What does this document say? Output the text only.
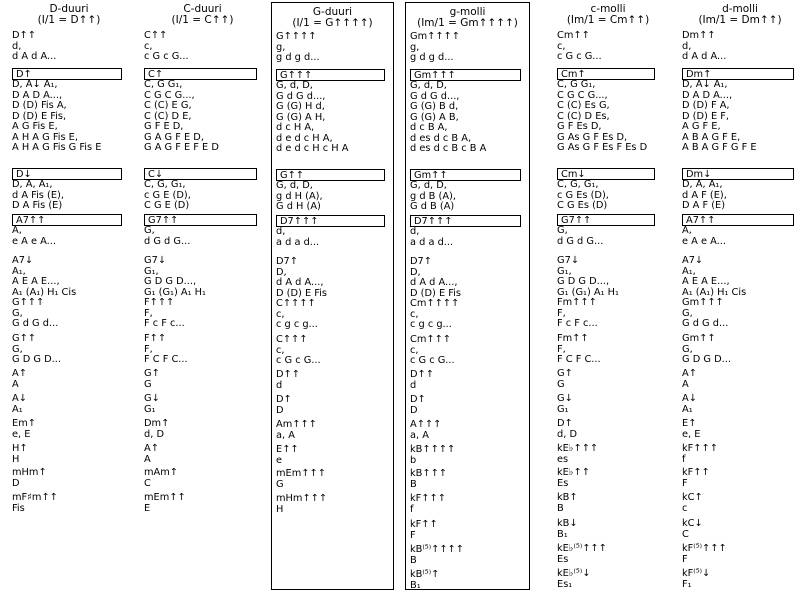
D-duuri
(I/1 = D↑↑)
D↑↑
d,
d A d A...
D↑
D, A↓ A₁,
D A D A...,
D (D) Fis A,
D (D) E Fis,
A G Fis E,
A H A G Fis E,
A H A G Fis G Fis E
D↓
D, A, A₁,
d A Fis (E),
D A Fis (E)
A7↑↑
A,
e A e A...
A7↓
A₁,
A E A E...,
A₁ (A₁) H₁ Cis
G↑↑↑
G,
G d G d...
G↑↑
G,
G D G D...
A↑
A
A↓
A₁
Em↑
e, E
H↑
H
mHm↑
D
mF♯m↑↑
Fis
C-duuri
(I/1 = C↑↑)
C↑↑
c,
c G c G...
C↑
C, G G₁,
C G C G...,
C (C) E G,
C (C) D E,
G F E D,
G A G F E D,
G A G F E F E D
C↓
C, G, G₁,
c G E (D),
C G E (D)
G7↑↑
G,
d G d G...
G7↓
G₁,
G D G D...,
G₁ (G₁) A₁ H₁
F↑↑↑
F,
F c F c...
F↑↑
F,
F C F C...
G↑
G
G↓
G₁
Dm↑
d, D
A↑
A
mAm↑
C
mEm↑↑
E
G-duuri
(I/1 = G↑↑↑↑)
G↑↑↑↑
g,
g d g d...
G↑↑↑
G, d, D,
G d G d...,
G (G) H d,
G (G) A H,
d c H A,
d e d c H A,
d e d c H c H A
G↑↑
G, d, D,
g d H (A),
G d H (A)
D7↑↑↑
d,
a d a d...
D7↑
D,
d A d A...,
D (D) E Fis
C↑↑↑↑
c,
c g c g...
C↑↑↑
c,
c G c G...
D↑↑
d
D↑
D
Am↑↑↑
a, A
E↑↑
e
mEm↑↑↑
G
mHm↑↑↑
H
g-molli
(Im/1 = Gm↑↑↑↑)
Gm↑↑↑↑
g,
g d g d...
Gm↑↑↑
G, d, D,
G d G d...,
G (G) B d,
G (G) A B,
d c B A,
d es d c B A,
d es d c B c B A
Gm↑↑
G, d, D,
g d B (A),
G d B (A)
D7↑↑↑
d,
a d a d...
D7↑
D,
d A d A...,
D (D) E Fis
Cm↑↑↑↑
c,
c g c g...
Cm↑↑↑
c,
c G c G...
D↑↑
d
D↑
D
A↑↑↑
a, A
kB↑↑↑↑
b
kB↑↑↑
B
kF↑↑↑
f
kF↑↑
F
kB⁽⁵⁾↑↑↑↑
B
kB⁽⁵⁾↑
B₁
c-molli
(Im/1 = Cm↑↑)
Cm↑↑
c,
c G c G...
Cm↑
C, G G₁,
C G C G...,
C (C) Es G,
C (C) D Es,
G F Es D,
G As G F Es D,
G As G F Es F Es D
Cm↓
C, G, G₁,
c G Es (D),
C G Es (D)
G7↑↑
G,
d G d G...
G7↓
G₁,
G D G D...,
G₁ (G₁) A₁ H₁
Fm↑↑↑
F,
F c F c...
Fm↑↑
F,
F C F C...
G↑
G
G↓
G₁
D↑
d, D
kE♭↑↑↑
es
kE♭↑↑
Es
kB↑
B
kB↓
B₁
kE♭⁽⁵⁾↑↑↑
Es
kE♭⁽⁵⁾↓
Es₁
d-molli
(Im/1 = Dm↑↑)
Dm↑↑
d,
d A d A...
Dm↑
D, A↓ A₁,
D A D A...,
D (D) F A,
D (D) E F,
A G F E,
A B A G F E,
A B A G F G F E
Dm↓
D, A, A₁,
d A F (E),
D A F (E)
A7↑↑
A,
e A e A...
A7↓
A₁,
A E A E...,
A₁ (A₁) H₁ Cis
Gm↑↑↑
G,
G d G d...
Gm↑↑
G,
G D G D...
A↑
A
A↓
A₁
E↑
e, E
kF↑↑↑
f
kF↑↑
F
kC↑
c
kC↓
C
kF⁽⁵⁾↑↑↑
F
kF⁽⁵⁾↓
F₁
